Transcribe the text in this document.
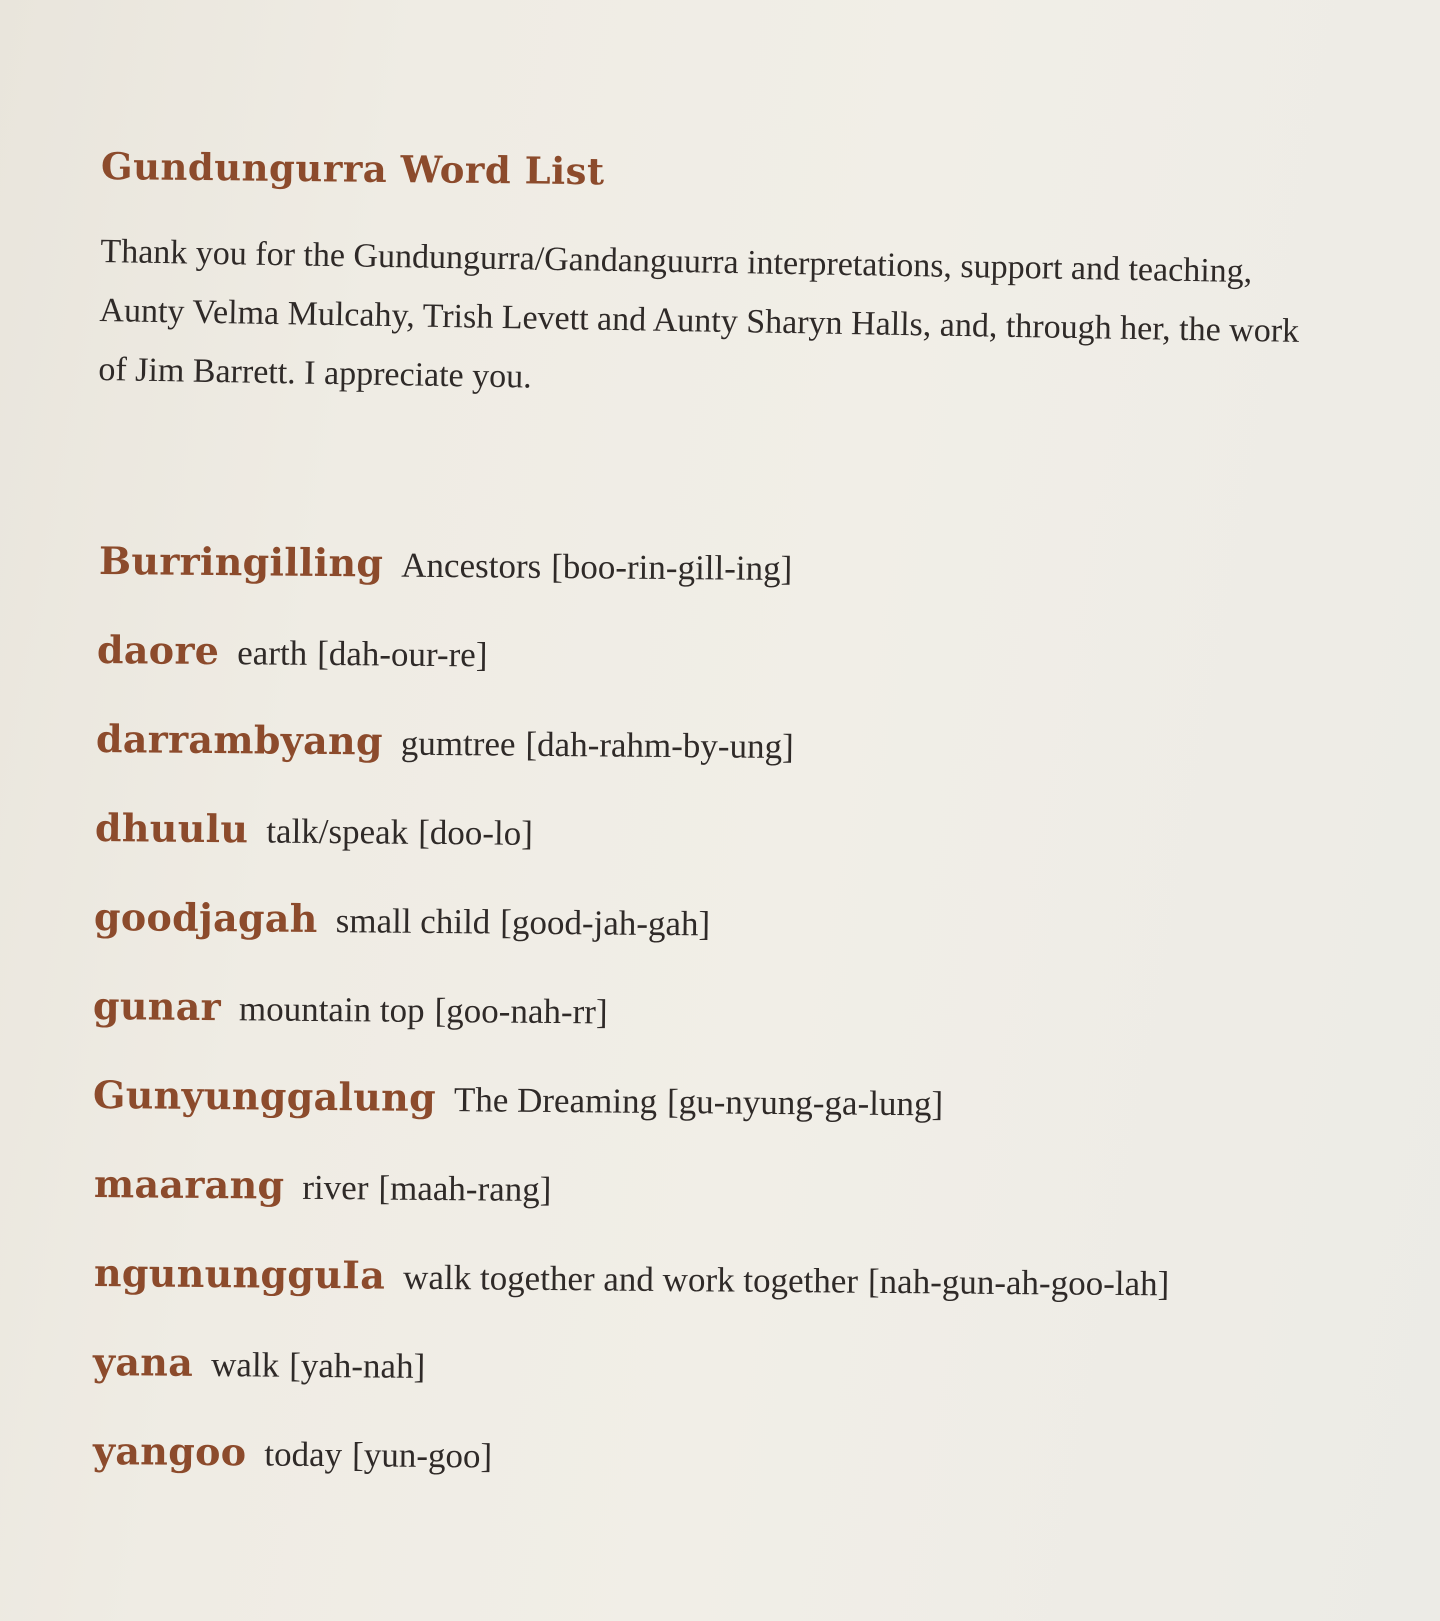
Gundungurra Word List

Thank you for the Gundungurra/Gandanguurra interpretations, support and teaching, Aunty Velma Mulcahy, Trish Levett and Aunty Sharyn Halls, and, through her, the work of Jim Barrett. I appreciate you.

Burringilling Ancestors [boo-rin-gill-ing]
daore earth [dah-our-re]
darrambyang gumtree [dah-rahm-by-ung]
dhuulu talk/speak [doo-lo]
goodjagah small child [good-jah-gah]
gunar mountain top [goo-nah-rr]
Gunyunggalung The Dreaming [gu-nyung-ga-lung]
maarang river [maah-rang]
ngunungguIa walk together and work together [nah-gun-ah-goo-lah]
yana walk [yah-nah]
yangoo today [yun-goo]
